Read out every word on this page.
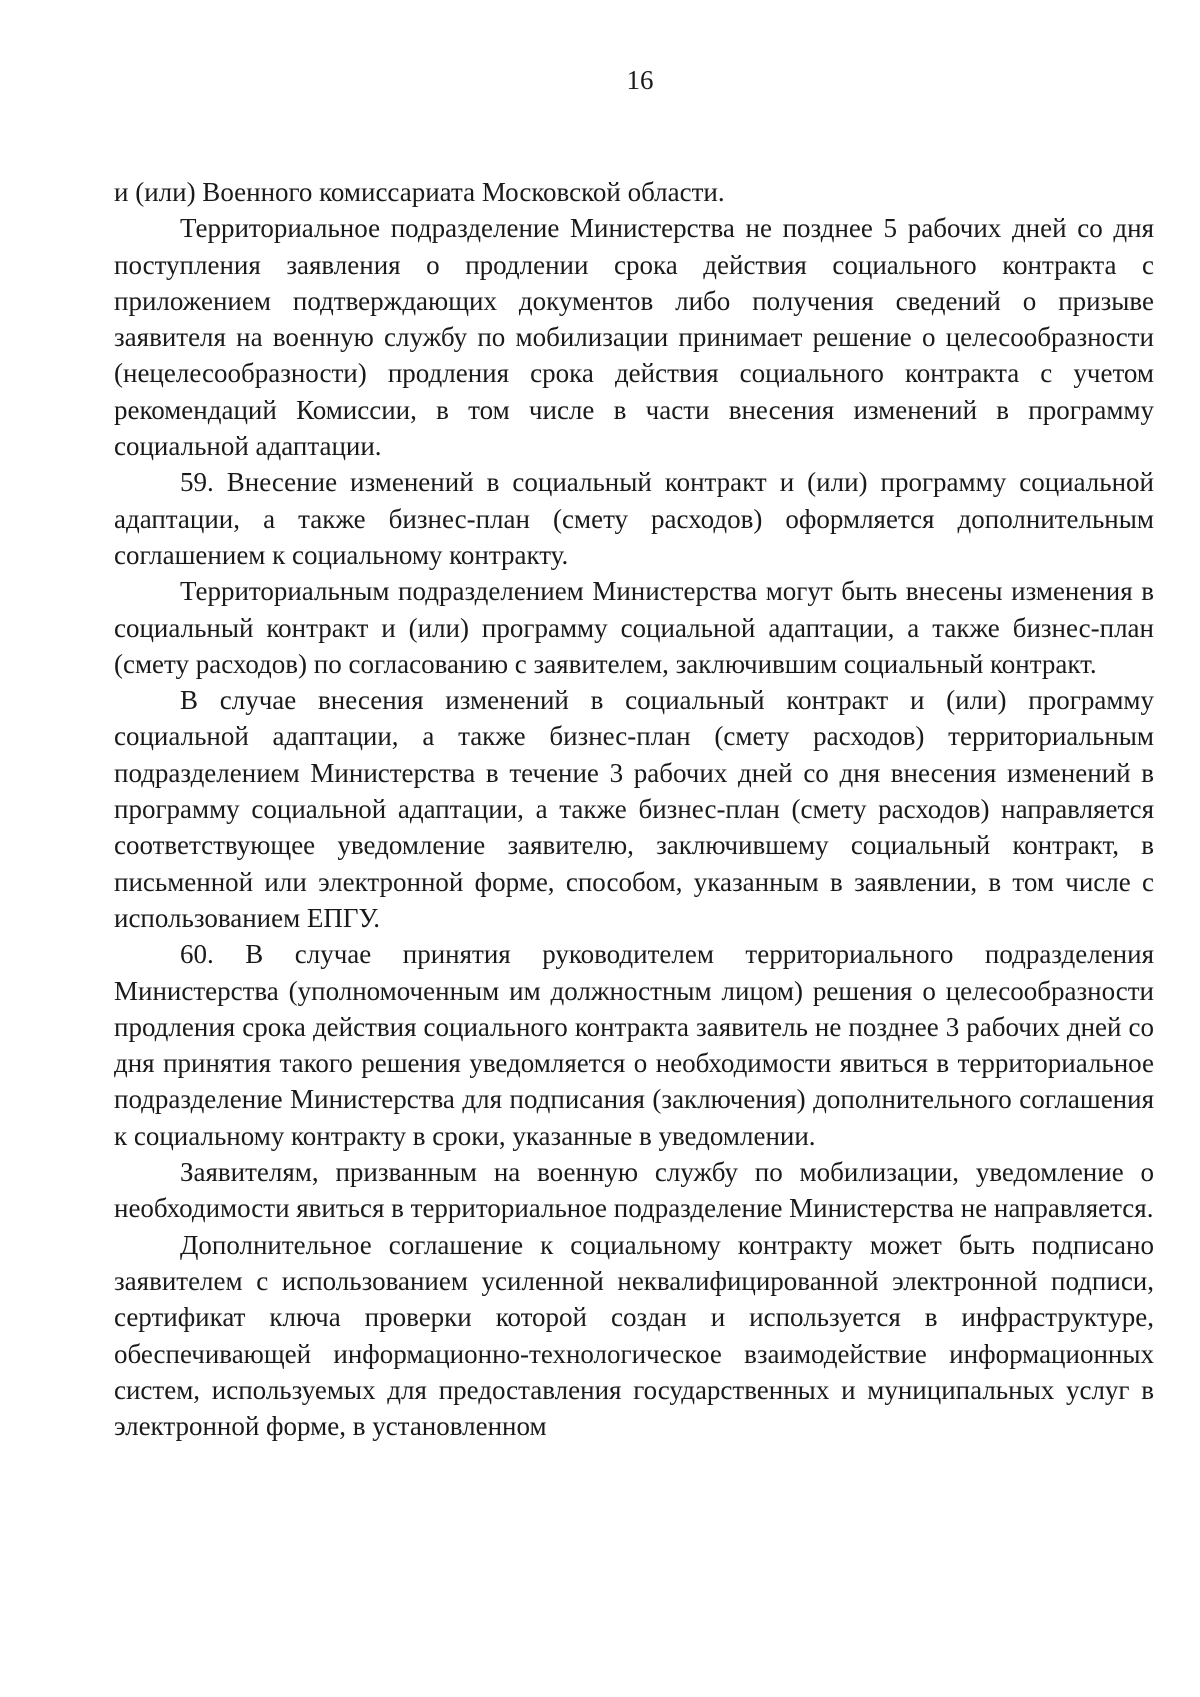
16

и (или) Военного комиссариата Московской области.

Территориальное подразделение Министерства не позднее 5 рабочих дней со дня поступления заявления о продлении срока действия социального контракта с приложением подтверждающих документов либо получения сведений о призыве заявителя на военную службу по мобилизации принимает решение о целесообразности (нецелесообразности) продления срока действия социального контракта с учетом рекомендаций Комиссии, в том числе в части внесения изменений в программу социальной адаптации.

59. Внесение изменений в социальный контракт и (или) программу социальной адаптации, а также бизнес-план (смету расходов) оформляется дополнительным соглашением к социальному контракту.

Территориальным подразделением Министерства могут быть внесены изменения в социальный контракт и (или) программу социальной адаптации, а также бизнес-план (смету расходов) по согласованию с заявителем, заключившим социальный контракт.

В случае внесения изменений в социальный контракт и (или) программу социальной адаптации, а также бизнес-план (смету расходов) территориальным подразделением Министерства в течение 3 рабочих дней со дня внесения изменений в программу социальной адаптации, а также бизнес-план (смету расходов) направляется соответствующее уведомление заявителю, заключившему социальный контракт, в письменной или электронной форме, способом, указанным в заявлении, в том числе с использованием ЕПГУ.

60. В случае принятия руководителем территориального подразделения Министерства (уполномоченным им должностным лицом) решения о целесообразности продления срока действия социального контракта заявитель не позднее 3 рабочих дней со дня принятия такого решения уведомляется о необходимости явиться в территориальное подразделение Министерства для подписания (заключения) дополнительного соглашения к социальному контракту в сроки, указанные в уведомлении.

Заявителям, призванным на военную службу по мобилизации, уведомление о необходимости явиться в территориальное подразделение Министерства не направляется.

Дополнительное соглашение к социальному контракту может быть подписано заявителем с использованием усиленной неквалифицированной электронной подписи, сертификат ключа проверки которой создан и используется в инфраструктуре, обеспечивающей информационно-технологическое взаимодействие информационных систем, используемых для предоставления государственных и муниципальных услуг в электронной форме, в установленном
